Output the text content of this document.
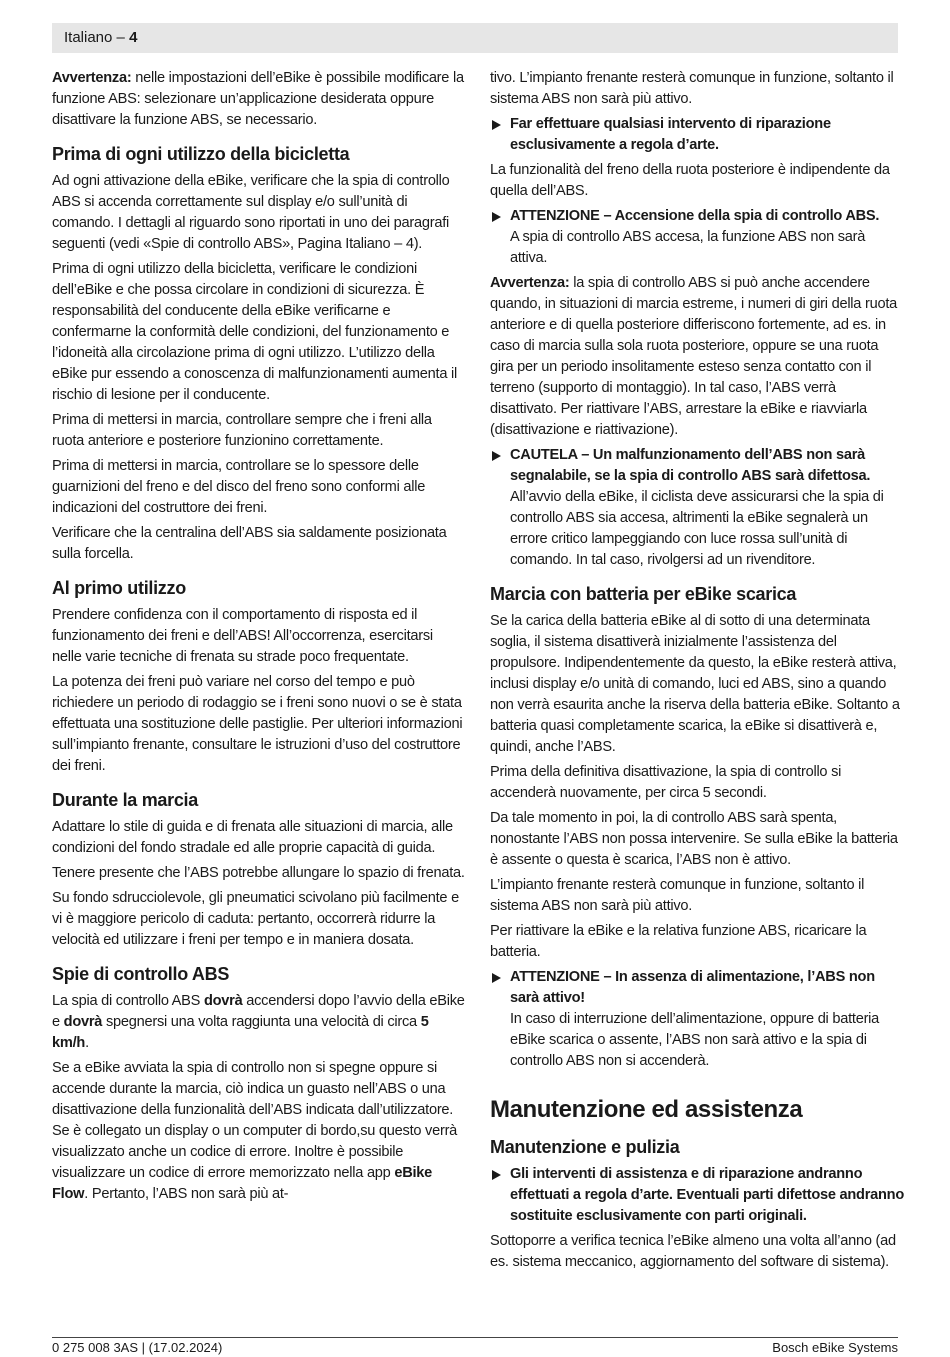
Italiano – 4

Avvertenza: nelle impostazioni dell’eBike è possibile modificare la funzione ABS: selezionare un’applicazione desiderata oppure disattivare la funzione ABS, se necessario.

Prima di ogni utilizzo della bicicletta

Ad ogni attivazione della eBike, verificare che la spia di controllo ABS si accenda correttamente sul display e/o sull’unità di comando. I dettagli al riguardo sono riportati in uno dei paragrafi seguenti (vedi «Spie di controllo ABS», Pagina Italiano – 4).

Prima di ogni utilizzo della bicicletta, verificare le condizioni dell’eBike e che possa circolare in condizioni di sicurezza. È responsabilità del conducente della eBike verificarne e confermarne la conformità delle condizioni, del funzionamento e l’idoneità alla circolazione prima di ogni utilizzo. L’utilizzo della eBike pur essendo a conoscenza di malfunzionamenti aumenta il rischio di lesione per il conducente.

Prima di mettersi in marcia, controllare sempre che i freni alla ruota anteriore e posteriore funzionino correttamente.

Prima di mettersi in marcia, controllare se lo spessore delle guarnizioni del freno e del disco del freno sono conformi alle indicazioni del costruttore dei freni.

Verificare che la centralina dell’ABS sia saldamente posizionata sulla forcella.

Al primo utilizzo

Prendere confidenza con il comportamento di risposta ed il funzionamento dei freni e dell’ABS! All’occorrenza, esercitarsi nelle varie tecniche di frenata su strade poco frequentate.

La potenza dei freni può variare nel corso del tempo e può richiedere un periodo di rodaggio se i freni sono nuovi o se è stata effettuata una sostituzione delle pastiglie. Per ulteriori informazioni sull’impianto frenante, consultare le istruzioni d’uso del costruttore dei freni.

Durante la marcia

Adattare lo stile di guida e di frenata alle situazioni di marcia, alle condizioni del fondo stradale ed alle proprie capacità di guida.

Tenere presente che l’ABS potrebbe allungare lo spazio di frenata.

Su fondo sdrucciolevole, gli pneumatici scivolano più facilmente e vi è maggiore pericolo di caduta: pertanto, occorrerà ridurre la velocità ed utilizzare i freni per tempo e in maniera dosata.

Spie di controllo ABS

La spia di controllo ABS dovrà accendersi dopo l’avvio della eBike e dovrà spegnersi una volta raggiunta una velocità di circa 5 km/h.

Se a eBike avviata la spia di controllo non si spegne oppure si accende durante la marcia, ciò indica un guasto nell’ABS o una disattivazione della funzionalità dell’ABS indicata dall’utilizzatore. Se è collegato un display o un computer di bordo,su questo verrà visualizzato anche un codice di errore. Inoltre è possibile visualizzare un codice di errore memorizzato nella app eBike Flow. Pertanto, l’ABS non sarà più at-

tivo. L’impianto frenante resterà comunque in funzione, soltanto il sistema ABS non sarà più attivo.

Far effettuare qualsiasi intervento di riparazione esclusivamente a regola d’arte.

La funzionalità del freno della ruota posteriore è indipendente da quella dell’ABS.

ATTENZIONE – Accensione della spia di controllo ABS.
A spia di controllo ABS accesa, la funzione ABS non sarà attiva.

Avvertenza: la spia di controllo ABS si può anche accendere quando, in situazioni di marcia estreme, i numeri di giri della ruota anteriore e di quella posteriore differiscono fortemente, ad es. in caso di marcia sulla sola ruota posteriore, oppure se una ruota gira per un periodo insolitamente esteso senza contatto con il terreno (supporto di montaggio). In tal caso, l’ABS verrà disattivato. Per riattivare l’ABS, arrestare la eBike e riavviarla (disattivazione e riattivazione).

CAUTELA – Un malfunzionamento dell’ABS non sarà segnalabile, se la spia di controllo ABS sarà difettosa.
All’avvio della eBike, il ciclista deve assicurarsi che la spia di controllo ABS sia accesa, altrimenti la eBike segnalerà un errore critico lampeggiando con luce rossa sull’unità di comando. In tal caso, rivolgersi ad un rivenditore.
Marcia con batteria per eBike scarica

Se la carica della batteria eBike al di sotto di una determinata soglia, il sistema disattiverà inizialmente l’assistenza del propulsore. Indipendentemente da questo, la eBike resterà attiva, inclusi display e/o unità di comando, luci ed ABS, sino a quando non verrà esaurita anche la riserva della batteria eBike. Soltanto a batteria quasi completamente scarica, la eBike si disattiverà e, quindi, anche l’ABS.

Prima della definitiva disattivazione, la spia di controllo si accenderà nuovamente, per circa 5 secondi.

Da tale momento in poi, la di controllo ABS sarà spenta, nonostante l’ABS non possa intervenire. Se sulla eBike la batteria è assente o questa è scarica, l’ABS non è attivo.

L’impianto frenante resterà comunque in funzione, soltanto il sistema ABS non sarà più attivo.

Per riattivare la eBike e la relativa funzione ABS, ricaricare la batteria.

ATTENZIONE – In assenza di alimentazione, l’ABS non sarà attivo!
In caso di interruzione dell’alimentazione, oppure di batteria eBike scarica o assente, l’ABS non sarà attivo e la spia di controllo ABS non si accenderà.
Manutenzione ed assistenza
Manutenzione e pulizia
Gli interventi di assistenza e di riparazione andranno effettuati a regola d’arte. Eventuali parti difettose andranno sostituite esclusivamente con parti originali.

Sottoporre a verifica tecnica l’eBike almeno una volta all’anno (ad es. sistema meccanico, aggiornamento del software di sistema).

0 275 008 3AS | (17.02.2024)	Bosch eBike Systems
